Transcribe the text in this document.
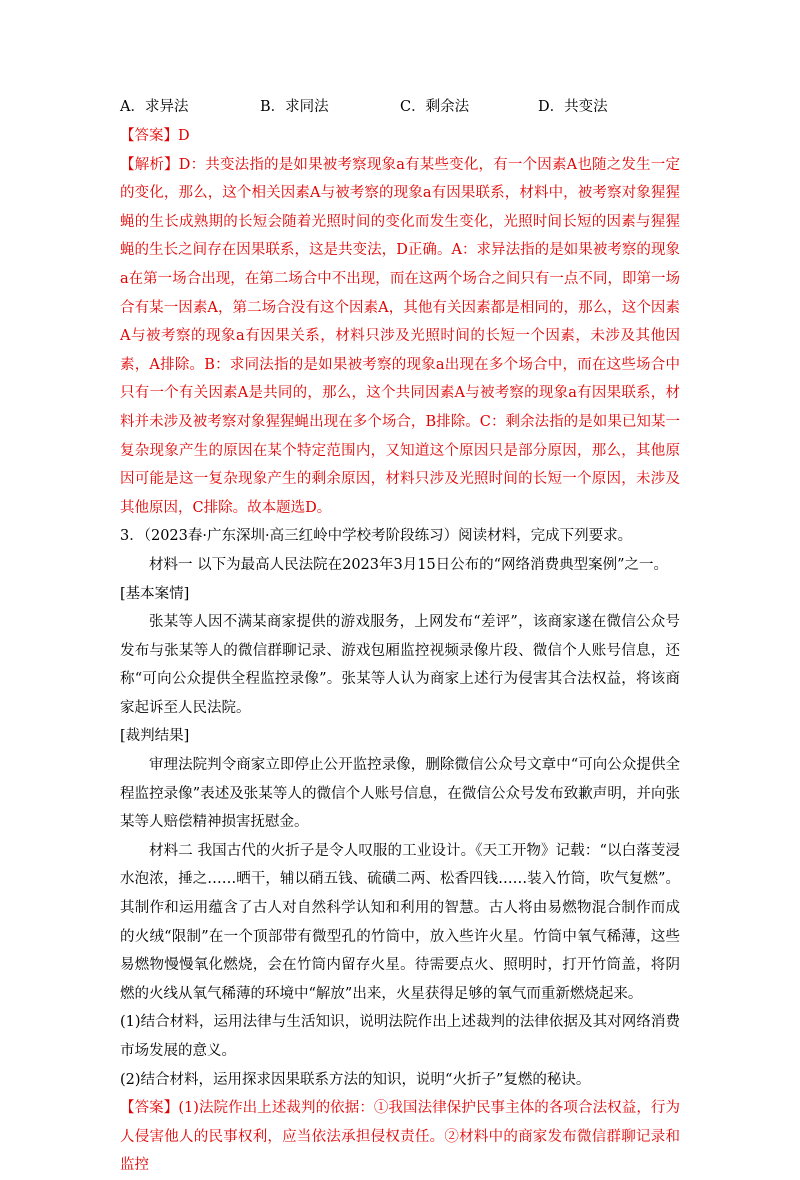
A．求异法	B．求同法	C．剩余法	D．共变法

【答案】D

【解析】D：共变法指的是如果被考察现象a有某些变化，有一个因素A也随之发生一定的变化，那么，这个相关因素A与被考察的现象a有因果联系，材料中，被考察对象猩猩蝇的生长成熟期的长短会随着光照时间的变化而发生变化，光照时间长短的因素与猩猩蝇的生长之间存在因果联系，这是共变法，D正确。A：求异法指的是如果被考察的现象a在第一场合出现，在第二场合中不出现，而在这两个场合之间只有一点不同，即第一场合有某一因素A，第二场合没有这个因素A，其他有关因素都是相同的，那么，这个因素A与被考察的现象a有因果关系，材料只涉及光照时间的长短一个因素，未涉及其他因素，A排除。B：求同法指的是如果被考察的现象a出现在多个场合中，而在这些场合中只有一个有关因素A是共同的，那么，这个共同因素A与被考察的现象a有因果联系，材料并未涉及被考察对象猩猩蝇出现在多个场合，B排除。C：剩余法指的是如果已知某一复杂现象产生的原因在某个特定范围内，又知道这个原因只是部分原因，那么，其他原因可能是这一复杂现象产生的剩余原因，材料只涉及光照时间的长短一个原因，未涉及其他原因，C排除。故本题选D。

3．（2023春·广东深圳·高三红岭中学校考阶段练习）阅读材料，完成下列要求。

材料一 以下为最高人民法院在2023年3月15日公布的“网络消费典型案例”之一。

[基本案情]

张某等人因不满某商家提供的游戏服务，上网发布“差评”，该商家遂在微信公众号发布与张某等人的微信群聊记录、游戏包厢监控视频录像片段、微信个人账号信息，还称“可向公众提供全程监控录像”。张某等人认为商家上述行为侵害其合法权益，将该商家起诉至人民法院。

[裁判结果]

审理法院判令商家立即停止公开监控录像，删除微信公众号文章中“可向公众提供全程监控录像”表述及张某等人的微信个人账号信息，在微信公众号发布致歉声明，并向张某等人赔偿精神损害抚慰金。

材料二 我国古代的火折子是令人叹服的工业设计。《天工开物》记载：“以白落芰浸水泡浓，捶之……晒干，辅以硝五钱、硫磺二两、松香四钱……装入竹筒，吹气复燃”。其制作和运用蕴含了古人对自然科学认知和利用的智慧。古人将由易燃物混合制作而成的火绒“限制”在一个顶部带有微型孔的竹筒中，放入些许火星。竹筒中氧气稀薄，这些易燃物慢慢氧化燃烧，会在竹筒内留存火星。待需要点火、照明时，打开竹筒盖，将阴燃的火线从氧气稀薄的环境中“解放”出来，火星获得足够的氧气而重新燃烧起来。

(1)结合材料，运用法律与生活知识，说明法院作出上述裁判的法律依据及其对网络消费市场发展的意义。

(2)结合材料，运用探求因果联系方法的知识，说明“火折子”复燃的秘诀。

【答案】(1)法院作出上述裁判的依据：①我国法律保护民事主体的各项合法权益，行为人侵害他人的民事权利，应当依法承担侵权责任。②材料中的商家发布微信群聊记录和监控
